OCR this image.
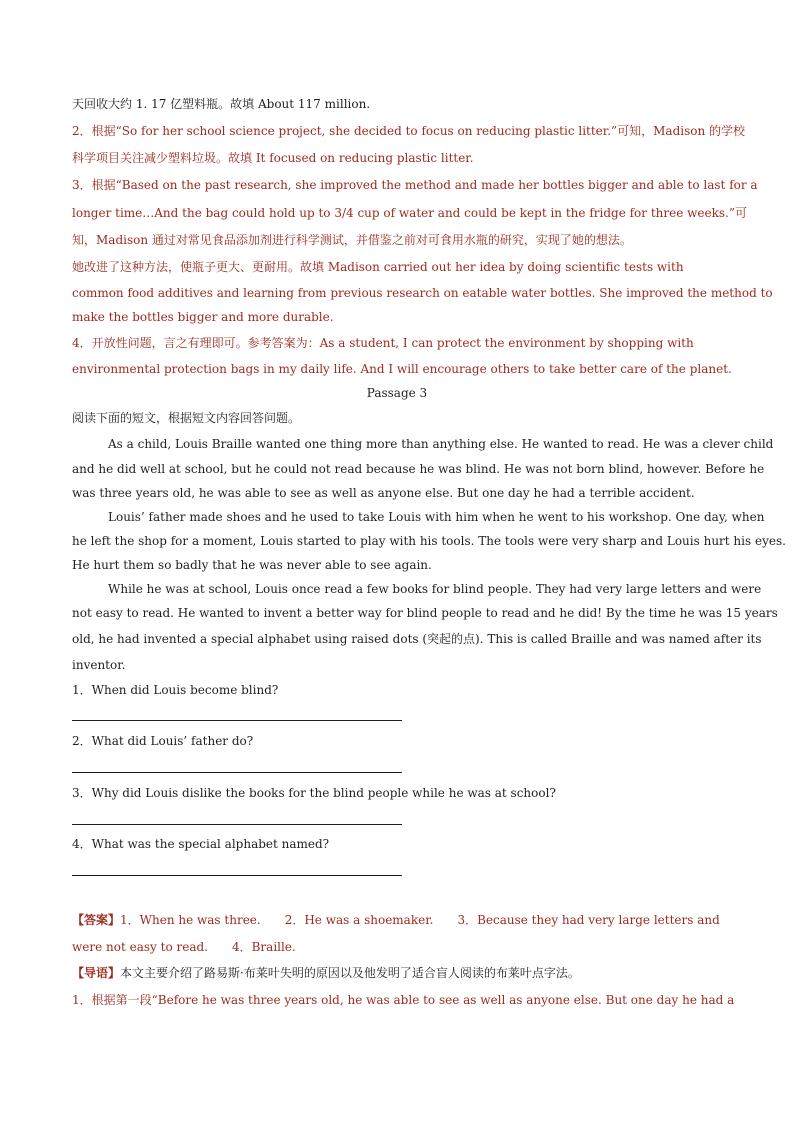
天回收大约 1. 17 亿塑料瓶。故填 About 117 million.
2．根据“So for her school science project, she decided to focus on reducing plastic litter.”可知，Madison 的学校
科学项目关注减少塑料垃圾。故填 It focused on reducing plastic litter.
3．根据“Based on the past research, she improved the method and made her bottles bigger and able to last for a
longer time…And the bag could hold up to 3/4 cup of water and could be kept in the fridge for three weeks.”可
知，Madison 通过对常见食品添加剂进行科学测试，并借鉴之前对可食用水瓶的研究，实现了她的想法。
她改进了这种方法，使瓶子更大、更耐用。故填 Madison carried out her idea by doing scientific tests with
common food additives and learning from previous research on eatable water bottles. She improved the method to
make the bottles bigger and more durable.
4．开放性问题，言之有理即可。参考答案为：As a student, I can protect the environment by shopping with
environmental protection bags in my daily life. And I will encourage others to take better care of the planet.
Passage 3
阅读下面的短文，根据短文内容回答问题。
As a child, Louis Braille wanted one thing more than anything else. He wanted to read. He was a clever child
and he did well at school, but he could not read because he was blind. He was not born blind, however. Before he
was three years old, he was able to see as well as anyone else. But one day he had a terrible accident.
Louis’ father made shoes and he used to take Louis with him when he went to his workshop. One day, when
he left the shop for a moment, Louis started to play with his tools. The tools were very sharp and Louis hurt his eyes.
He hurt them so badly that he was never able to see again.
While he was at school, Louis once read a few books for blind people. They had very large letters and were
not easy to read. He wanted to invent a better way for blind people to read and he did! By the time he was 15 years
old, he had invented a special alphabet using raised dots (突起的点). This is called Braille and was named after its
inventor.
1．When did Louis become blind?
2．What did Louis’ father do?
3．Why did Louis dislike the books for the blind people while he was at school?
4．What was the special alphabet named?
【答案】1．When he was three.　　2．He was a shoemaker.　　3．Because they had very large letters and
were not easy to read.　　4．Braille.
【导语】本文主要介绍了路易斯·布莱叶失明的原因以及他发明了适合盲人阅读的布莱叶点字法。
1．根据第一段“Before he was three years old, he was able to see as well as anyone else. But one day he had a
